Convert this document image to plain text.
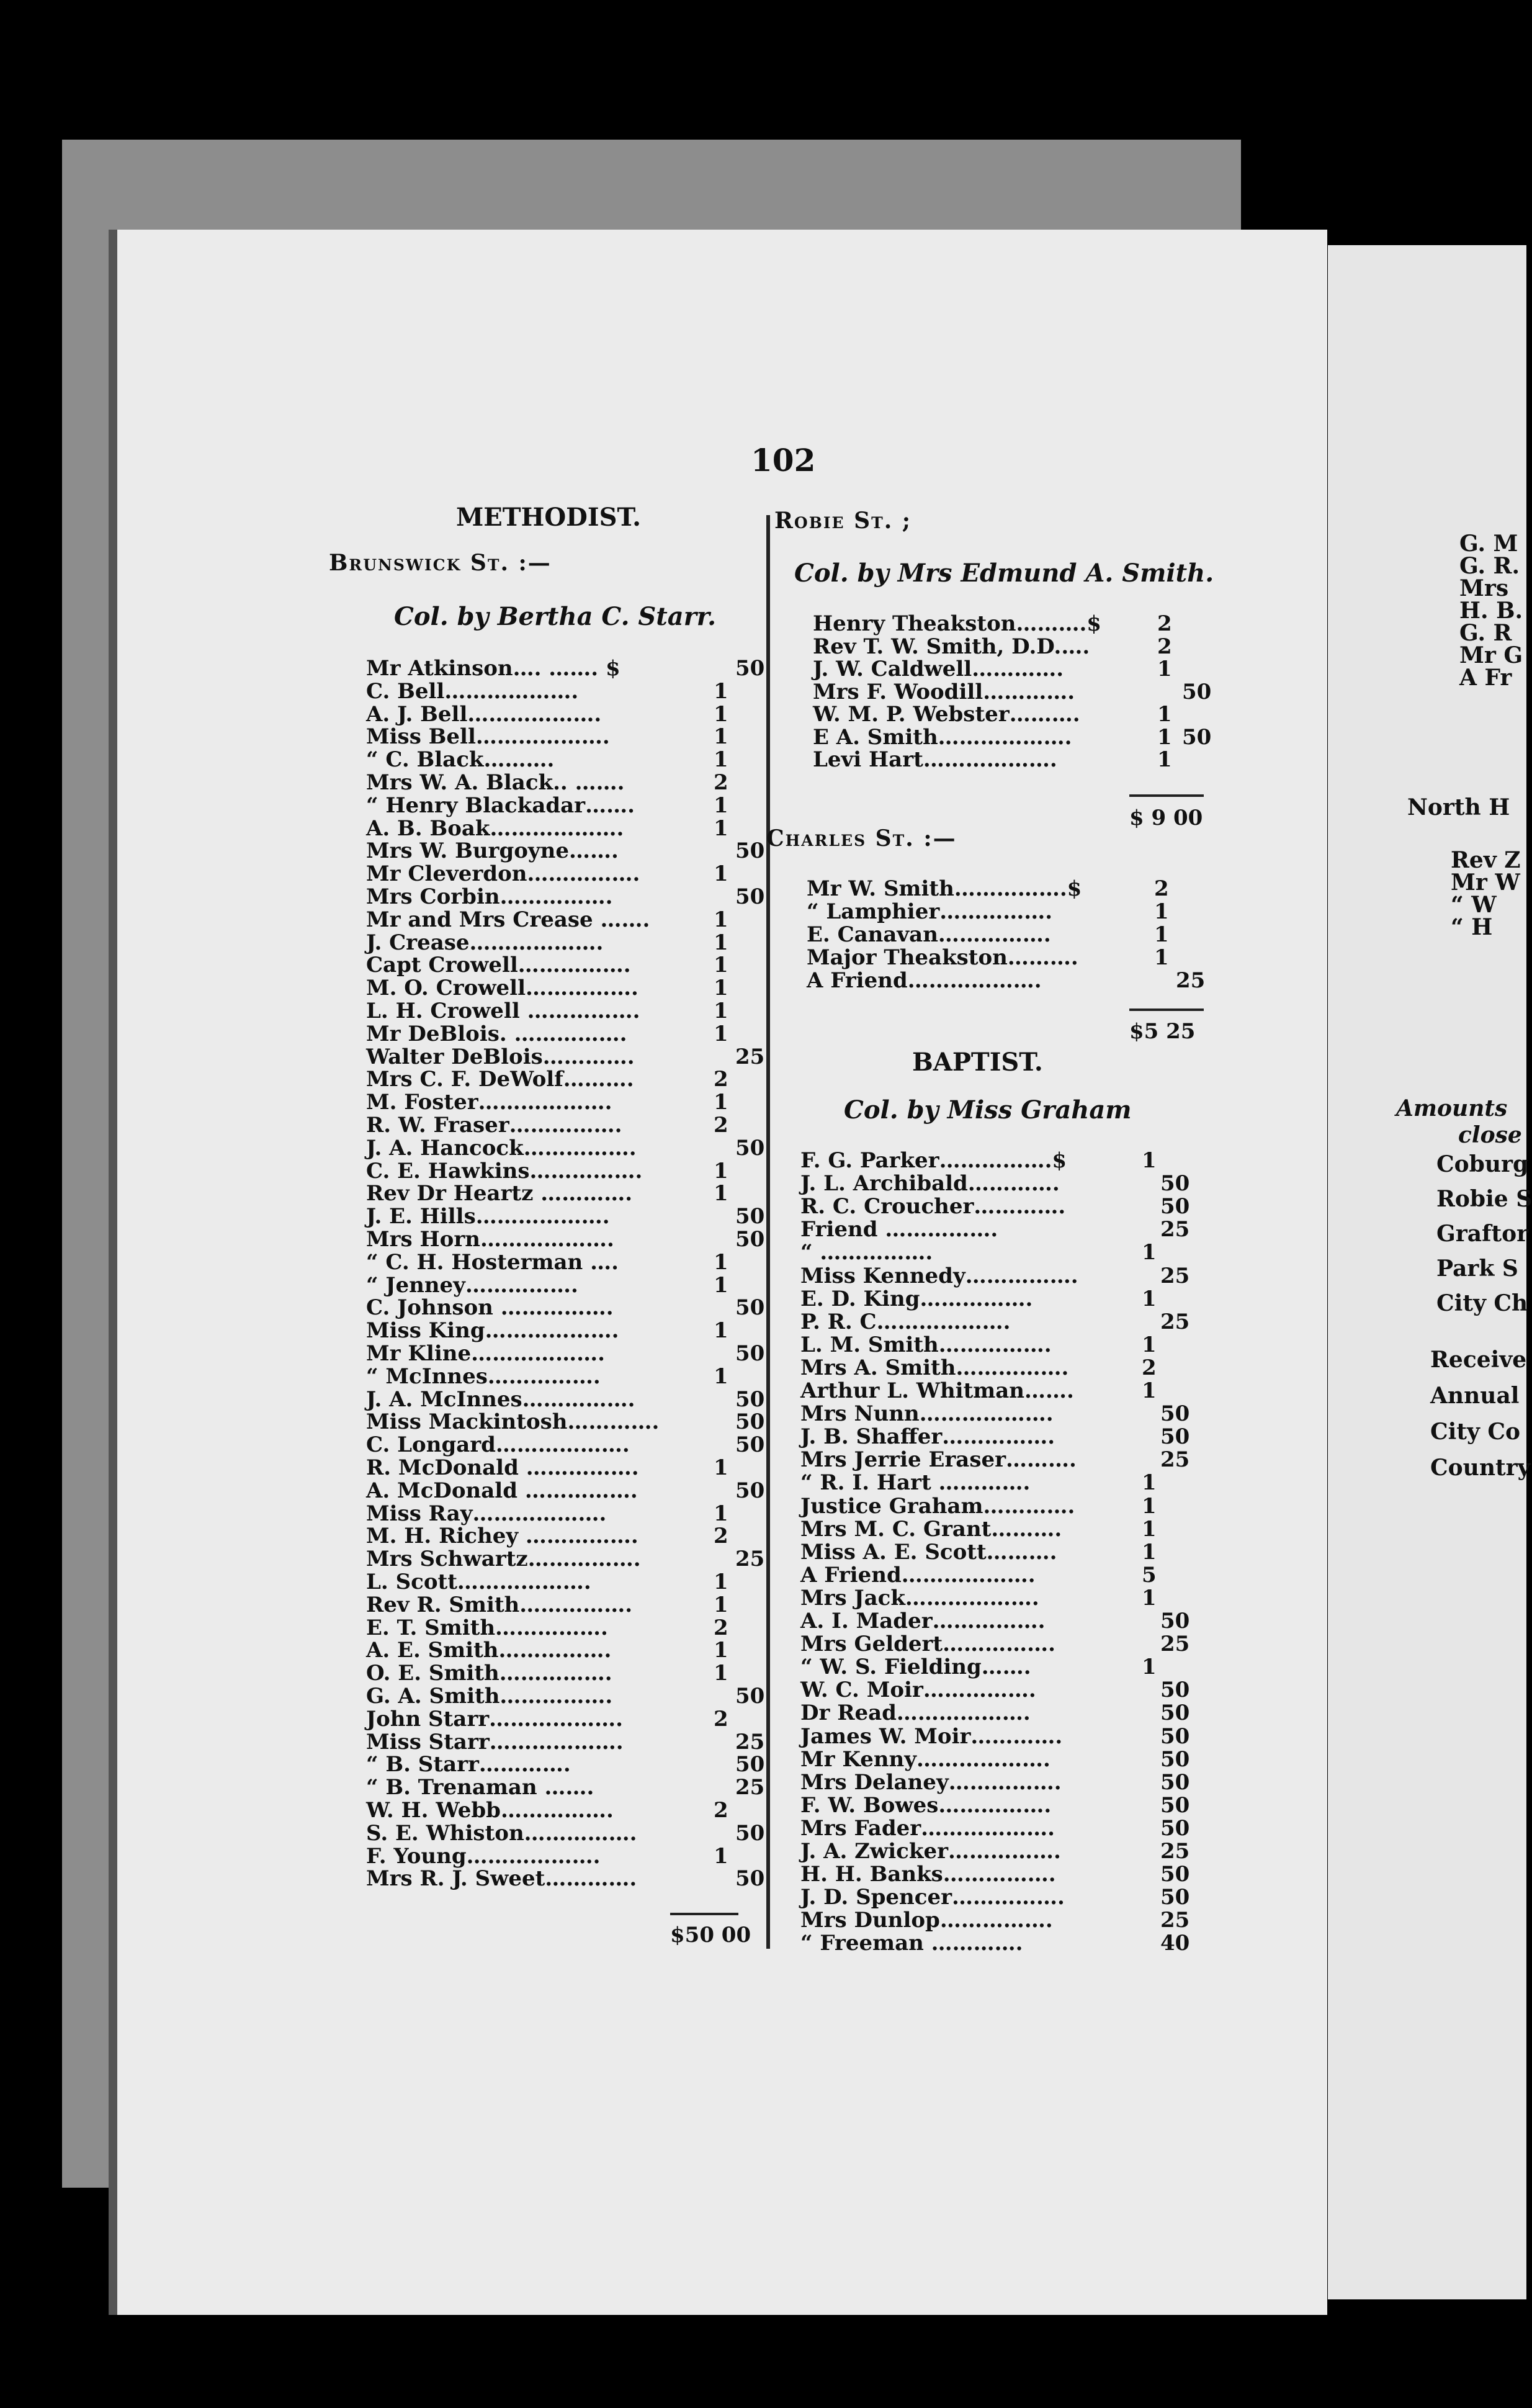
102
METHODIST.
Brunswick St. :—
Col. by Bertha C. Starr.
Mr Atkinson…. ……. $	50
C. Bell……………….	1
A. J. Bell……………….	1
Miss Bell……………….	1
“ C. Black……….	1
Mrs W. A. Black.. …….	2
“ Henry Blackadar…….	1
A. B. Boak……………….	1
Mrs W. Burgoyne…….	50
Mr Cleverdon…………….	1
Mrs Corbin…………….	50
Mr and Mrs Crease …….	1
J. Crease……………….	1
Capt Crowell…………….	1
M. O. Crowell…………….	1
L. H. Crowell …………….	1
Mr DeBlois. …………….	1
Walter DeBlois………….	25
Mrs C. F. DeWolf……….	2
M. Foster……………….	1
R. W. Fraser…………….	2
J. A. Hancock…………….	50
C. E. Hawkins…………….	1
Rev Dr Heartz ………….	1
J. E. Hills……………….	50
Mrs Horn……………….	50
“ C. H. Hosterman ….	1
“ Jenney…………….	1
C. Johnson …………….	50
Miss King……………….	1
Mr Kline……………….	50
“ McInnes…………….	1
J. A. McInnes…………….	50
Miss Mackintosh………….	50
C. Longard……………….	50
R. McDonald …………….	1
A. McDonald …………….	50
Miss Ray……………….	1
M. H. Richey …………….	2
Mrs Schwartz…………….	25
L. Scott……………….	1
Rev R. Smith…………….	1
E. T. Smith…………….	2
A. E. Smith…………….	1
O. E. Smith…………….	1
G. A. Smith…………….	50
John Starr……………….	2
Miss Starr……………….	25
“ B. Starr………….	50
“ B. Trenaman …….	25
W. H. Webb…………….	2
S. E. Whiston…………….	50
F. Young……………….	1
Mrs R. J. Sweet………….	50
$50 00
Robie St. ;
Col. by Mrs Edmund A. Smith.
Henry Theakston……….$	2
Rev T. W. Smith, D.D.….	2
J. W. Caldwell………….	1
Mrs F. Woodill………….	50
W. M. P. Webster……….	1
E A. Smith……………….	1 50
Levi Hart……………….	1
$ 9 00
Charles St. :—
Mr W. Smith…………….$	2
“ Lamphier…………….	1
E. Canavan…………….	1
Major Theakston……….	1
A Friend……………….	25
$5 25
BAPTIST.
Col. by Miss Graham
F. G. Parker…………….$	1
J. L. Archibald………….	50
R. C. Croucher………….	50
Friend …………….	25
“ …………….	1
Miss Kennedy…………….	25
E. D. King…………….	1
P. R. C……………….	25
L. M. Smith…………….	1
Mrs A. Smith…………….	2
Arthur L. Whitman…….	1
Mrs Nunn……………….	50
J. B. Shaffer…………….	50
Mrs Jerrie Eraser……….	25
“ R. I. Hart ………….	1
Justice Graham………….	1
Mrs M. C. Grant……….	1
Miss A. E. Scott……….	1
A Friend……………….	5
Mrs Jack……………….	1
A. I. Mader…………….	50
Mrs Geldert…………….	25
“ W. S. Fielding…….	1
W. C. Moir…………….	50
Dr Read……………….	50
James W. Moir………….	50
Mr Kenny……………….	50
Mrs Delaney…………….	50
F. W. Bowes…………….	50
Mrs Fader……………….	50
J. A. Zwicker…………….	25
H. H. Banks…………….	50
J. D. Spencer…………….	50
Mrs Dunlop…………….	25
“ Freeman ………….	40
G. M
G. R.
Mrs
H. B.
G. R
Mr G
A Fr
North H
Rev Z
Mr W
“ W
“ H
Amounts
close
Coburg
Robie S
Graftor
Park S
City Ch
Receive
Annual
City Co
Country
